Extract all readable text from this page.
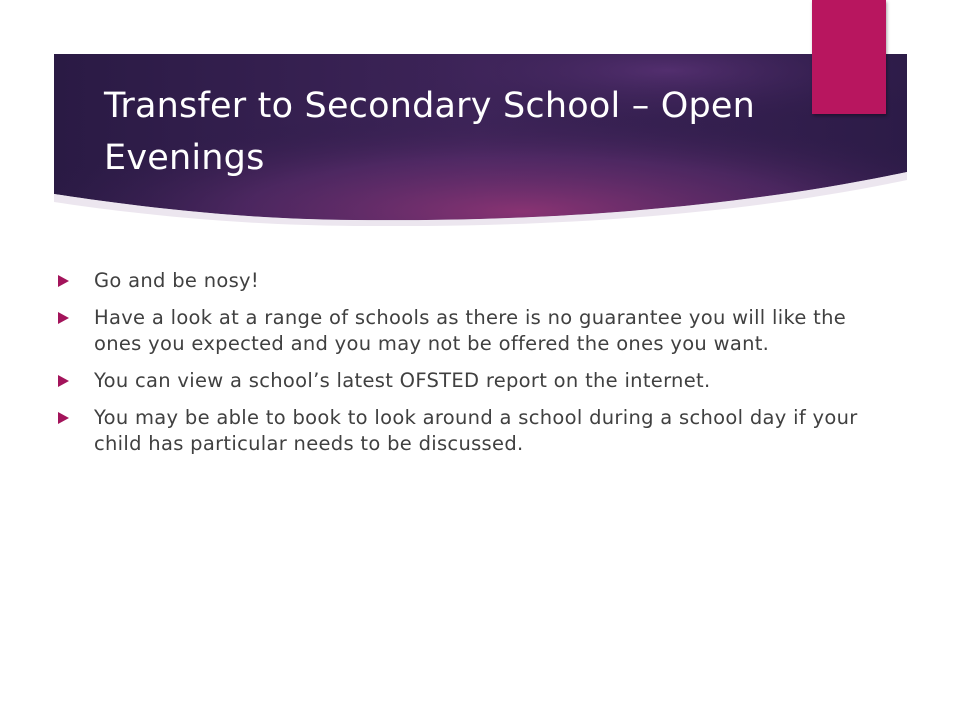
Transfer to Secondary School – Open Evenings
Go and be nosy!
Have a look at a range of schools as there is no guarantee you will like the ones you expected and you may not be offered the ones you want.
You can view a school’s latest OFSTED report on the internet.
You may be able to book to look around a school during a school day if your child has particular needs to be discussed.
